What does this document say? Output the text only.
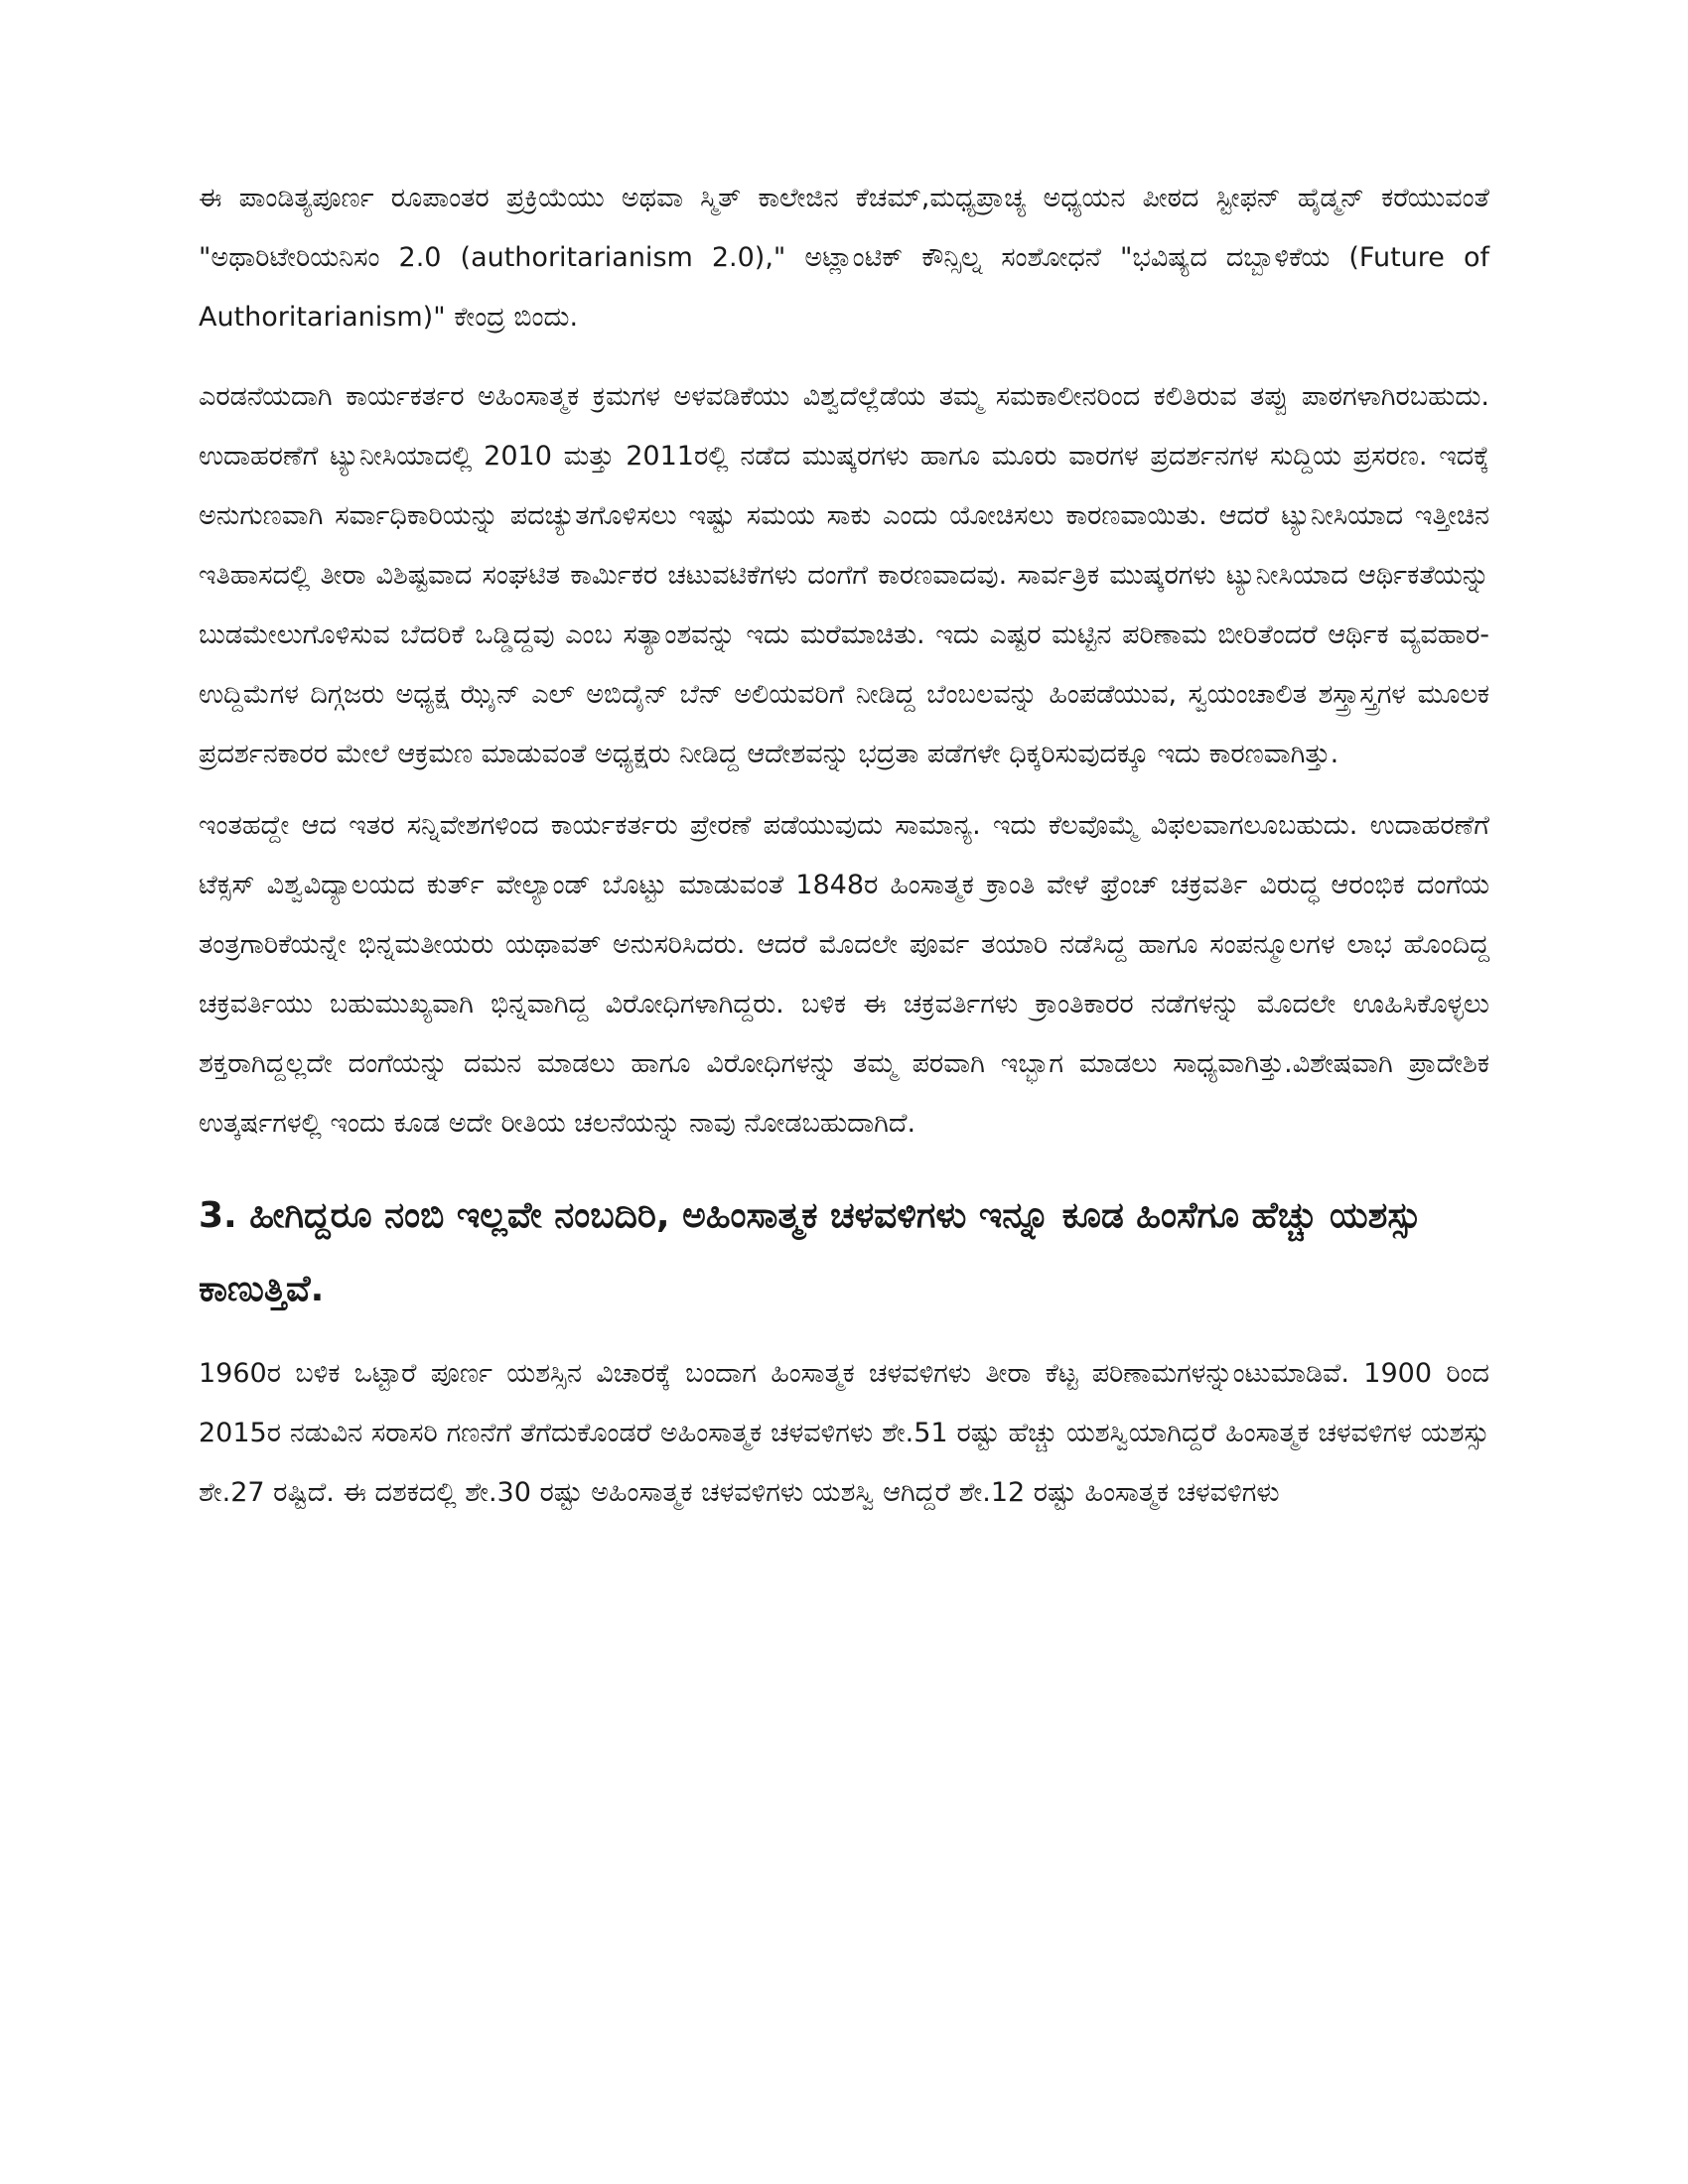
ಈ ಪಾಂಡಿತ್ಯಪೂರ್ಣ ರೂಪಾಂತರ ಪ್ರಕ್ರಿಯೆಯು ಅಥವಾ ಸ್ಮಿತ್ ಕಾಲೇಜಿನ ಕೆಚಮ್,ಮಧ್ಯಪ್ರಾಚ್ಯ ಅಧ್ಯಯನ ಪೀಠದ ಸ್ಟೀಫನ್ ಹೈಡ್ಮನ್ ಕರೆಯುವಂತೆ "ಅಥಾರಿಟೇರಿಯನಿಸಂ 2.0 (authoritarianism 2.0)," ಅಟ್ಲಾಂಟಿಕ್ ಕೌನ್ಸಿಲ್ನ ಸಂಶೋಧನೆ "ಭವಿಷ್ಯದ ದಬ್ಬಾಳಿಕೆಯ (Future of Authoritarianism)" ಕೇಂದ್ರ ಬಿಂದು.

ಎರಡನೆಯದಾಗಿ ಕಾರ್ಯಕರ್ತರ ಅಹಿಂಸಾತ್ಮಕ ಕ್ರಮಗಳ ಅಳವಡಿಕೆಯು ವಿಶ್ವದೆಲ್ಲೆಡೆಯ ತಮ್ಮ ಸಮಕಾಲೀನರಿಂದ ಕಲಿತಿರುವ ತಪ್ಪು ಪಾಠಗಳಾಗಿರಬಹುದು. ಉದಾಹರಣೆಗೆ ಟ್ಯುನೀಸಿಯಾದಲ್ಲಿ 2010 ಮತ್ತು 2011ರಲ್ಲಿ ನಡೆದ ಮುಷ್ಕರಗಳು ಹಾಗೂ ಮೂರು ವಾರಗಳ ಪ್ರದರ್ಶನಗಳ ಸುದ್ದಿಯ ಪ್ರಸರಣ. ಇದಕ್ಕೆ ಅನುಗುಣವಾಗಿ ಸರ್ವಾಧಿಕಾರಿಯನ್ನು ಪದಚ್ಯುತಗೊಳಿಸಲು ಇಷ್ಟು ಸಮಯ ಸಾಕು ಎಂದು ಯೋಚಿಸಲು ಕಾರಣವಾಯಿತು. ಆದರೆ ಟ್ಯುನೀಸಿಯಾದ ಇತ್ತೀಚಿನ ಇತಿಹಾಸದಲ್ಲಿ ತೀರಾ ವಿಶಿಷ್ಟವಾದ ಸಂಘಟಿತ ಕಾರ್ಮಿಕರ ಚಟುವಟಿಕೆಗಳು ದಂಗೆಗೆ ಕಾರಣವಾದವು. ಸಾರ್ವತ್ರಿಕ ಮುಷ್ಕರಗಳು ಟ್ಯುನೀಸಿಯಾದ ಆರ್ಥಿಕತೆಯನ್ನು ಬುಡಮೇಲುಗೊಳಿಸುವ ಬೆದರಿಕೆ ಒಡ್ಡಿದ್ದವು ಎಂಬ ಸತ್ಯಾಂಶವನ್ನು ಇದು ಮರೆಮಾಚಿತು. ಇದು ಎಷ್ಟರ ಮಟ್ಟಿನ ಪರಿಣಾಮ ಬೀರಿತೆಂದರೆ ಆರ್ಥಿಕ ವ್ಯವಹಾರ-ಉದ್ದಿಮೆಗಳ ದಿಗ್ಗಜರು ಅಧ್ಯಕ್ಷ ಝೈನ್ ಎಲ್ ಅಬಿದೈನ್ ಬೆನ್ ಅಲಿಯವರಿಗೆ ನೀಡಿದ್ದ ಬೆಂಬಲವನ್ನು ಹಿಂಪಡೆಯುವ, ಸ್ವಯಂಚಾಲಿತ ಶಸ್ತ್ರಾಸ್ತ್ರಗಳ ಮೂಲಕ ಪ್ರದರ್ಶನಕಾರರ ಮೇಲೆ ಆಕ್ರಮಣ ಮಾಡುವಂತೆ ಅಧ್ಯಕ್ಷರು ನೀಡಿದ್ದ ಆದೇಶವನ್ನು ಭದ್ರತಾ ಪಡೆಗಳೇ ಧಿಕ್ಕರಿಸುವುದಕ್ಕೂ ಇದು ಕಾರಣವಾಗಿತ್ತು.

ಇಂತಹದ್ದೇ ಆದ ಇತರ ಸನ್ನಿವೇಶಗಳಿಂದ ಕಾರ್ಯಕರ್ತರು ಪ್ರೇರಣೆ ಪಡೆಯುವುದು ಸಾಮಾನ್ಯ. ಇದು ಕೆಲವೊಮ್ಮೆ ವಿಫಲವಾಗಲೂಬಹುದು. ಉದಾಹರಣೆಗೆ ಟೆಕ್ಸಸ್ ವಿಶ್ವವಿದ್ಯಾಲಯದ ಕುರ್ತ್ ವೇಲ್ಯಾಂಡ್ ಬೊಟ್ಟು ಮಾಡುವಂತೆ 1848ರ ಹಿಂಸಾತ್ಮಕ ಕ್ರಾಂತಿ ವೇಳೆ ಫ್ರೆಂಚ್ ಚಕ್ರವರ್ತಿ ವಿರುದ್ಧ ಆರಂಭಿಕ ದಂಗೆಯ ತಂತ್ರಗಾರಿಕೆಯನ್ನೇ ಭಿನ್ನಮತೀಯರು ಯಥಾವತ್ ಅನುಸರಿಸಿದರು. ಆದರೆ ಮೊದಲೇ ಪೂರ್ವ ತಯಾರಿ ನಡೆಸಿದ್ದ ಹಾಗೂ ಸಂಪನ್ಮೂಲಗಳ ಲಾಭ ಹೊಂದಿದ್ದ ಚಕ್ರವರ್ತಿಯು ಬಹುಮುಖ್ಯವಾಗಿ ಭಿನ್ನವಾಗಿದ್ದ ವಿರೋಧಿಗಳಾಗಿದ್ದರು. ಬಳಿಕ ಈ ಚಕ್ರವರ್ತಿಗಳು ಕ್ರಾಂತಿಕಾರರ ನಡೆಗಳನ್ನು ಮೊದಲೇ ಊಹಿಸಿಕೊಳ್ಳಲು ಶಕ್ತರಾಗಿದ್ದಲ್ಲದೇ ದಂಗೆಯನ್ನು ದಮನ ಮಾಡಲು ಹಾಗೂ ವಿರೋಧಿಗಳನ್ನು ತಮ್ಮ ಪರವಾಗಿ ಇಬ್ಭಾಗ ಮಾಡಲು ಸಾಧ್ಯವಾಗಿತ್ತು.ವಿಶೇಷವಾಗಿ ಪ್ರಾದೇಶಿಕ ಉತ್ಕರ್ಷಗಳಲ್ಲಿ ಇಂದು ಕೂಡ ಅದೇ ರೀತಿಯ ಚಲನೆಯನ್ನು ನಾವು ನೋಡಬಹುದಾಗಿದೆ.

3. ಹೀಗಿದ್ದರೂ ನಂಬಿ ಇಲ್ಲವೇ ನಂಬದಿರಿ, ಅಹಿಂಸಾತ್ಮಕ ಚಳವಳಿಗಳು ಇನ್ನೂ ಕೂಡ ಹಿಂಸೆಗೂ ಹೆಚ್ಚು ಯಶಸ್ಸು ಕಾಣುತ್ತಿವೆ.

1960ರ ಬಳಿಕ ಒಟ್ಟಾರೆ ಪೂರ್ಣ ಯಶಸ್ಸಿನ ವಿಚಾರಕ್ಕೆ ಬಂದಾಗ ಹಿಂಸಾತ್ಮಕ ಚಳವಳಿಗಳು ತೀರಾ ಕೆಟ್ಟ ಪರಿಣಾಮಗಳನ್ನುಂಟುಮಾಡಿವೆ. 1900 ರಿಂದ 2015ರ ನಡುವಿನ ಸರಾಸರಿ ಗಣನೆಗೆ ತೆಗೆದುಕೊಂಡರೆ ಅಹಿಂಸಾತ್ಮಕ ಚಳವಳಿಗಳು ಶೇ.51 ರಷ್ಟು ಹೆಚ್ಚು ಯಶಸ್ವಿಯಾಗಿದ್ದರೆ ಹಿಂಸಾತ್ಮಕ ಚಳವಳಿಗಳ ಯಶಸ್ಸು ಶೇ.27 ರಷ್ಟಿದೆ. ಈ ದಶಕದಲ್ಲಿ ಶೇ.30 ರಷ್ಟು ಅಹಿಂಸಾತ್ಮಕ ಚಳವಳಿಗಳು ಯಶಸ್ವಿ ಆಗಿದ್ದರೆ ಶೇ.12 ರಷ್ಟು ಹಿಂಸಾತ್ಮಕ ಚಳವಳಿಗಳು
